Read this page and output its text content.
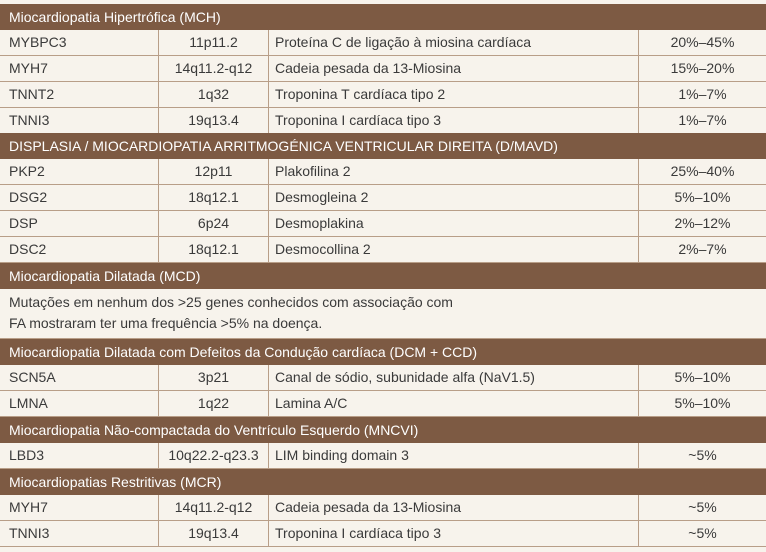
Miocardiopatia Hipertrófica (MCH)
MYBPC3	11p11.2	Proteína C de ligação à miosina cardíaca	20%–45%
MYH7	14q11.2-q12	Cadeia pesada da 13-Miosina	15%–20%
TNNT2	1q32	Troponina T cardíaca tipo 2	1%–7%
TNNI3	19q13.4	Troponina I cardíaca tipo 3	1%–7%
DISPLASIA / MIOCARDIOPATIA ARRITMOGÉNICA VENTRICULAR DIREITA (D/MAVD)
PKP2	12p11	Plakofilina 2	25%–40%
DSG2	18q12.1	Desmogleina 2	5%–10%
DSP	6p24	Desmoplakina	2%–12%
DSC2	18q12.1	Desmocollina 2	2%–7%
Miocardiopatia Dilatada (MCD)
Mutações em nenhum dos >25 genes conhecidos com associação com
FA mostraram ter uma frequência >5% na doença.
Miocardiopatia Dilatada com Defeitos da Condução cardíaca (DCM + CCD)
SCN5A	3p21	Canal de sódio, subunidade alfa (NaV1.5)	5%–10%
LMNA	1q22	Lamina A/C	5%–10%
Miocardiopatia Não-compactada do Ventrículo Esquerdo (MNCVI)
LBD3	10q22.2-q23.3	LIM binding domain 3	~5%
Miocardiopatias Restritivas (MCR)
MYH7	14q11.2-q12	Cadeia pesada da 13-Miosina	~5%
TNNI3	19q13.4	Troponina I cardíaca tipo 3	~5%
